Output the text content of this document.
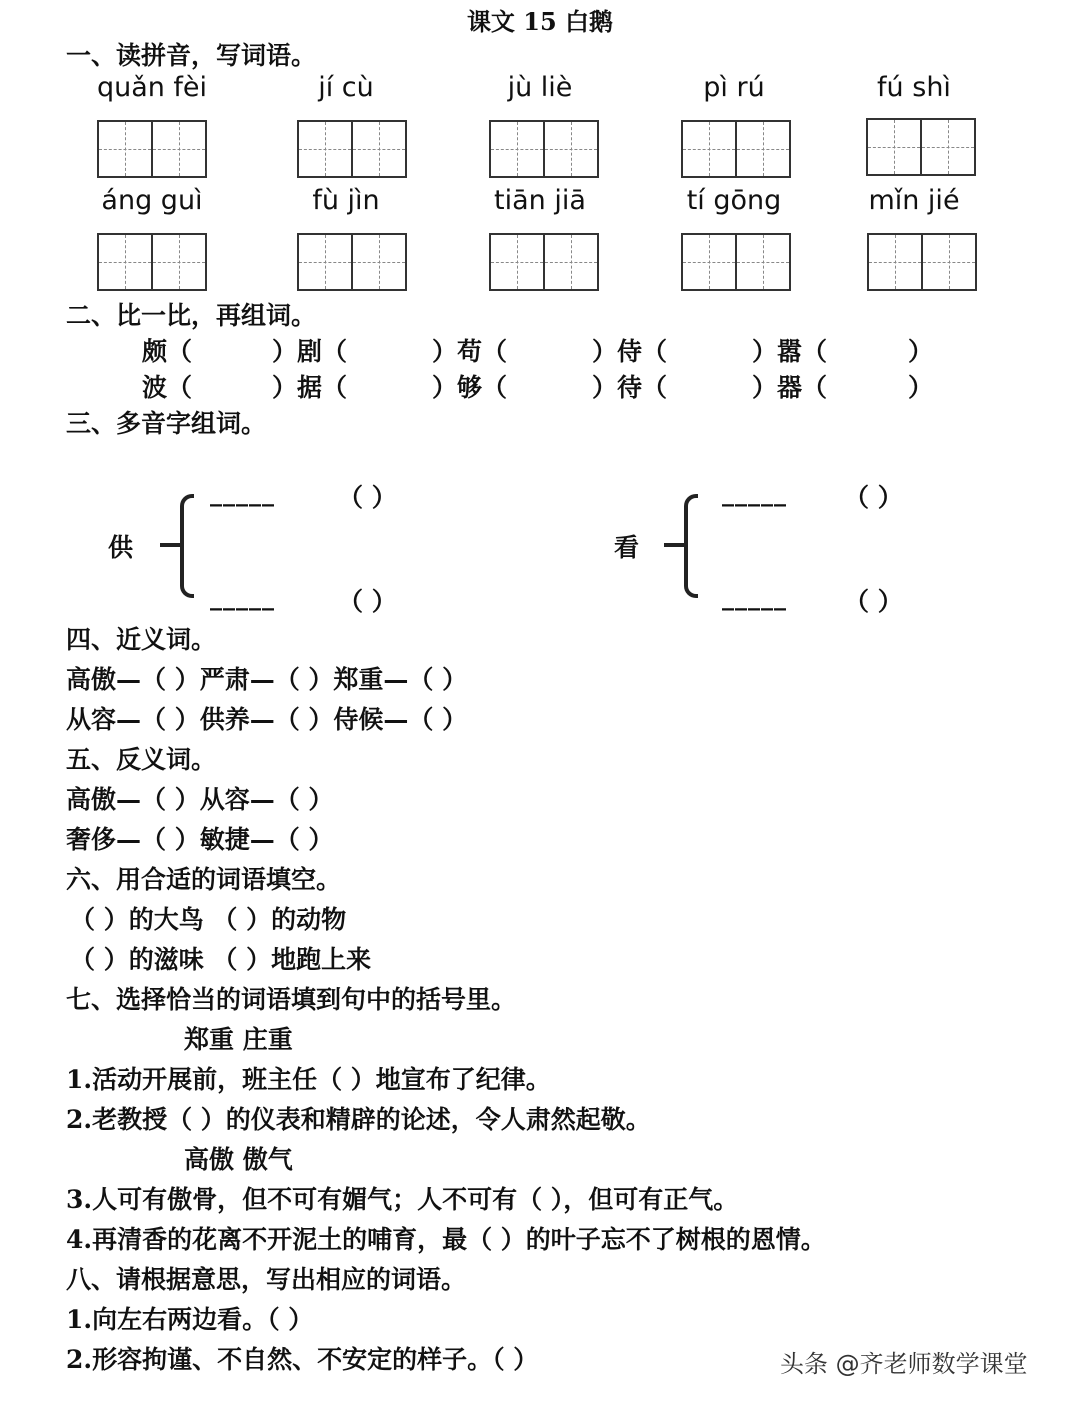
课文 15 白鹅
一、读拼音，写词语。
quǎn fèi	jí cù	jù liè	pì rú	fú shì
áng guì	fù jìn	tiān jiā	tí gōng	mǐn jié
二、比一比，再组词。
颇（	）剧（	）苟（	）侍（	）嚣（	）
波（	）据（	）够（	）待（	）器（	）
三、多音字组词。
供
_____	（ ）
_____	（ ）
看
_____ （ ）
_____ （ ）
四、近义词。
高傲—（ ）严肃—（ ）郑重—（ ）
从容—（ ）供养—（ ）侍候—（ ）
五、反义词。
高傲—（ ）从容—（ ）
奢侈—（ ）敏捷—（ ）
六、用合适的词语填空。
（ ）的大鸟 （ ）的动物
（ ）的滋味 （ ）地跑上来
七、选择恰当的词语填到句中的括号里。
郑重 庄重
1.活动开展前，班主任（ ）地宣布了纪律。
2.老教授（ ）的仪表和精辟的论述，令人肃然起敬。
高傲 傲气
3.人可有傲骨，但不可有媚气；人不可有（ ），但可有正气。
4.再清香的花离不开泥土的哺育，最（ ）的叶子忘不了树根的恩情。
八、请根据意思，写出相应的词语。
1.向左右两边看。（ ）
2.形容拘谨、不自然、不安定的样子。（ ）	头条 @齐老师数学课堂
